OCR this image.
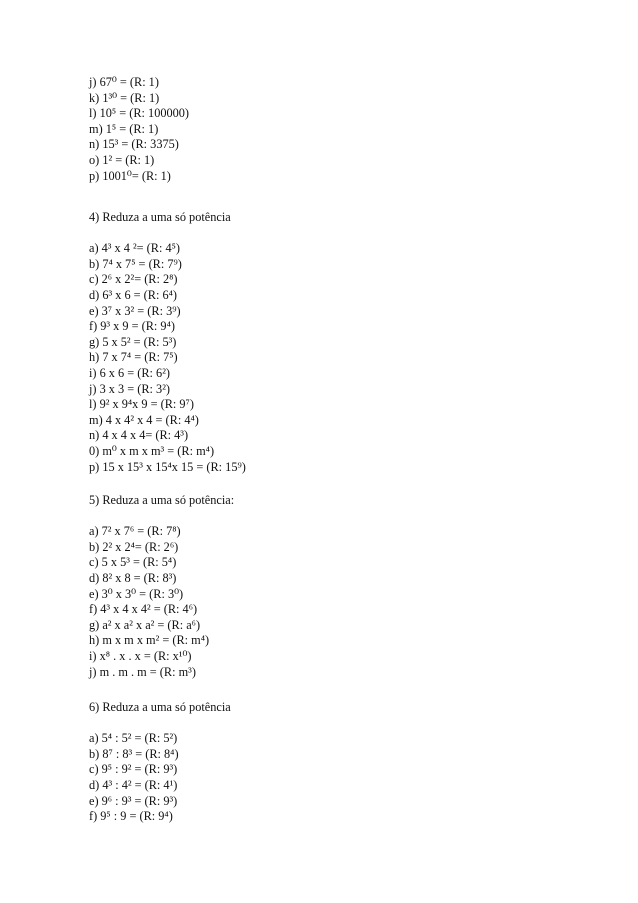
j) 67⁰ = (R: 1)
k) 1³⁰ = (R: 1)
l) 10⁵ = (R: 100000)
m) 1⁵ = (R: 1)
n) 15³ = (R: 3375)
o) 1² = (R: 1)
p) 1001⁰= (R: 1)
4) Reduza a uma só potência
a) 4³ x 4 ²= (R: 4⁵)
b) 7⁴ x 7⁵ = (R: 7⁹)
c) 2⁶ x 2²= (R: 2⁸)
d) 6³ x 6 = (R: 6⁴)
e) 3⁷ x 3² = (R: 3⁹)
f) 9³ x 9 = (R: 9⁴)
g) 5 x 5² = (R: 5³)
h) 7 x 7⁴ = (R: 7⁵)
i) 6 x 6 = (R: 6²)
j) 3 x 3 = (R: 3²)
l) 9² x 9⁴x 9 = (R: 9⁷)
m) 4 x 4² x 4 = (R: 4⁴)
n) 4 x 4 x 4= (R: 4³)
0) m⁰ x m x m³ = (R: m⁴)
p) 15 x 15³ x 15⁴x 15 = (R: 15⁹)
5) Reduza a uma só potência:
a) 7² x 7⁶ = (R: 7⁸)
b) 2² x 2⁴= (R: 2⁶)
c) 5 x 5³ = (R: 5⁴)
d) 8² x 8 = (R: 8³)
e) 3⁰ x 3⁰ = (R: 3⁰)
f) 4³ x 4 x 4² = (R: 4⁶)
g) a² x a² x a² = (R: a⁶)
h) m x m x m² = (R: m⁴)
i) x⁸ . x . x = (R: x¹⁰)
j) m . m . m = (R: m³)
6) Reduza a uma só potência
a) 5⁴ : 5² = (R: 5²)
b) 8⁷ : 8³ = (R: 8⁴)
c) 9⁵ : 9² = (R: 9³)
d) 4³ : 4² = (R: 4¹)
e) 9⁶ : 9³ = (R: 9³)
f) 9⁵ : 9 = (R: 9⁴)
